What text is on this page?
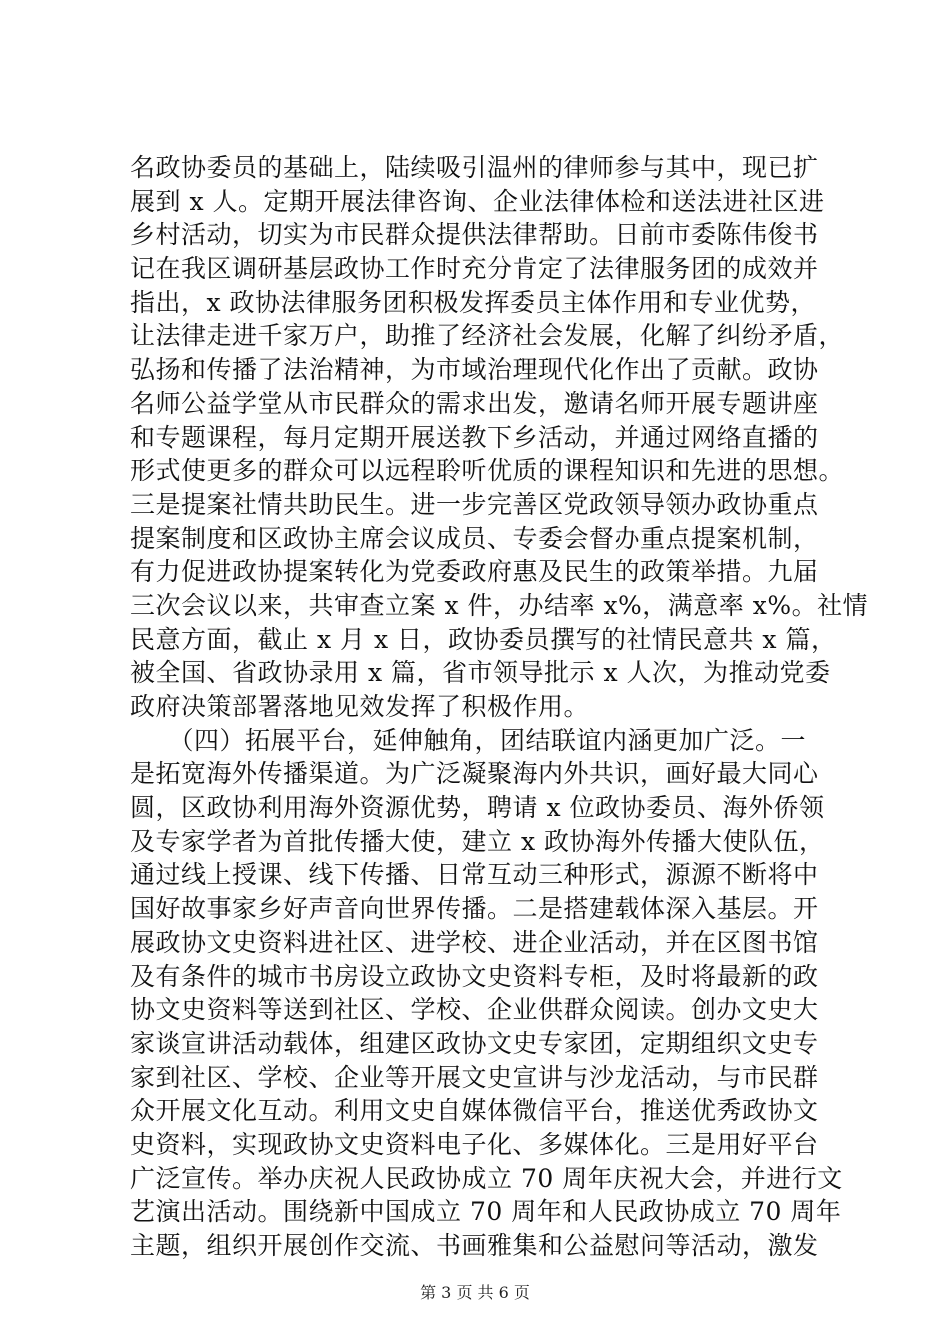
名政协委员的基础上，陆续吸引温州的律师参与其中，现已扩
展到 x 人。定期开展法律咨询、企业法律体检和送法进社区进
乡村活动，切实为市民群众提供法律帮助。日前市委陈伟俊书
记在我区调研基层政协工作时充分肯定了法律服务团的成效并
指出，x 政协法律服务团积极发挥委员主体作用和专业优势，
让法律走进千家万户，助推了经济社会发展，化解了纠纷矛盾，
弘扬和传播了法治精神，为市域治理现代化作出了贡献。政协
名师公益学堂从市民群众的需求出发，邀请名师开展专题讲座
和专题课程，每月定期开展送教下乡活动，并通过网络直播的
形式使更多的群众可以远程聆听优质的课程知识和先进的思想。
三是提案社情共助民生。进一步完善区党政领导领办政协重点
提案制度和区政协主席会议成员、专委会督办重点提案机制，
有力促进政协提案转化为党委政府惠及民生的政策举措。九届
三次会议以来，共审查立案 x 件，办结率 x%，满意率 x%。社情
民意方面，截止 x 月 x 日，政协委员撰写的社情民意共 x 篇，
被全国、省政协录用 x 篇，省市领导批示 x 人次，为推动党委
政府决策部署落地见效发挥了积极作用。
　　（四）拓展平台，延伸触角，团结联谊内涵更加广泛。一
是拓宽海外传播渠道。为广泛凝聚海内外共识，画好最大同心
圆，区政协利用海外资源优势，聘请 x 位政协委员、海外侨领
及专家学者为首批传播大使，建立 x 政协海外传播大使队伍，
通过线上授课、线下传播、日常互动三种形式，源源不断将中
国好故事家乡好声音向世界传播。二是搭建载体深入基层。开
展政协文史资料进社区、进学校、进企业活动，并在区图书馆
及有条件的城市书房设立政协文史资料专柜，及时将最新的政
协文史资料等送到社区、学校、企业供群众阅读。创办文史大
家谈宣讲活动载体，组建区政协文史专家团，定期组织文史专
家到社区、学校、企业等开展文史宣讲与沙龙活动，与市民群
众开展文化互动。利用文史自媒体微信平台，推送优秀政协文
史资料，实现政协文史资料电子化、多媒体化。三是用好平台
广泛宣传。举办庆祝人民政协成立 70 周年庆祝大会，并进行文
艺演出活动。围绕新中国成立 70 周年和人民政协成立 70 周年
主题，组织开展创作交流、书画雅集和公益慰问等活动，激发
第 3 页 共 6 页
